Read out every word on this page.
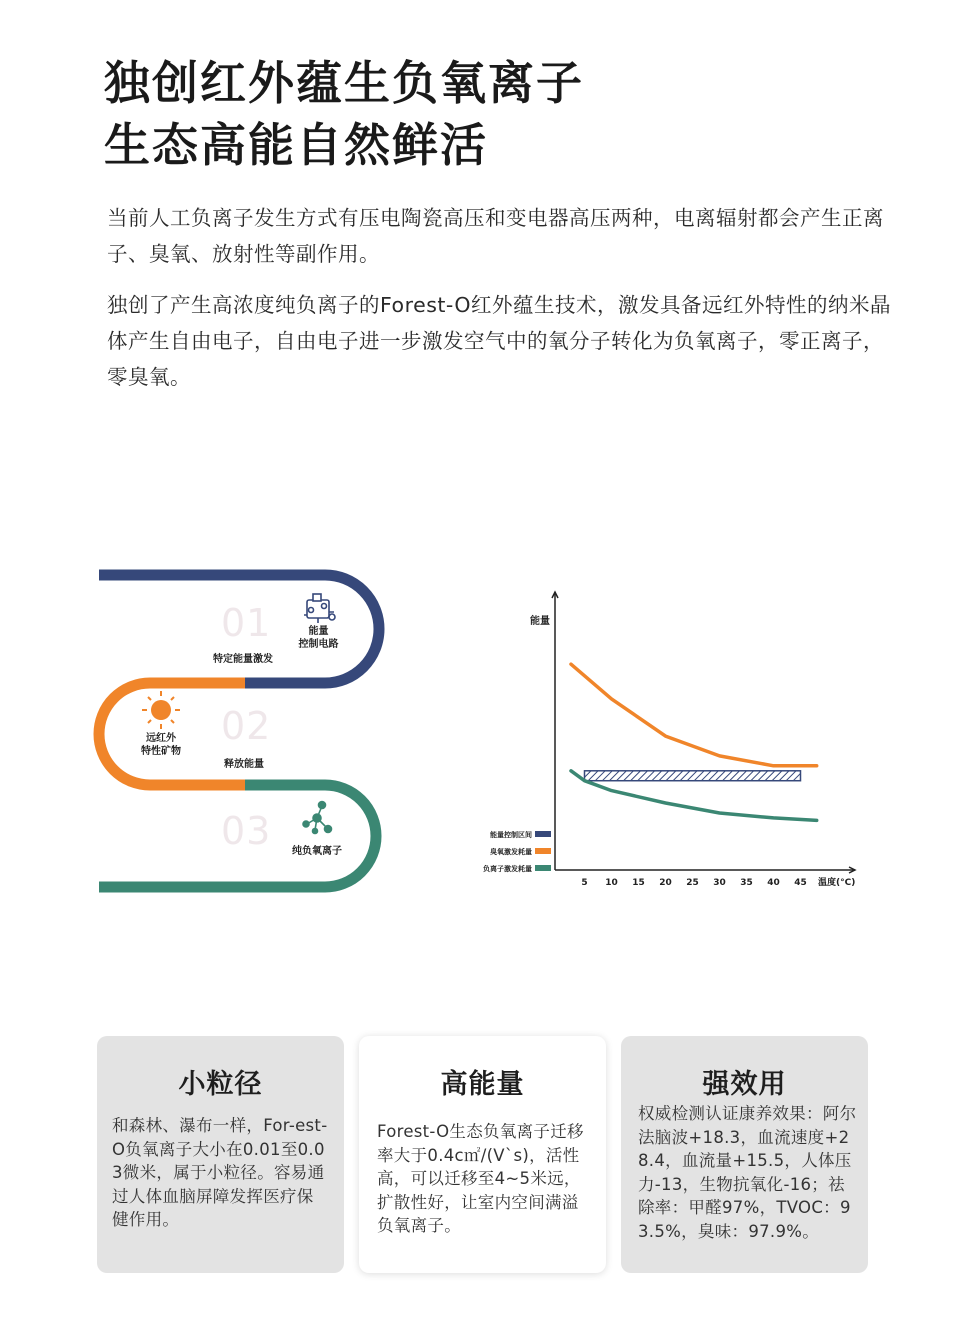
独创红外蕴生负氧离子
生态高能自然鲜活
当前人工负离子发生方式有压电陶瓷高压和变电器高压两种，电离辐射都会产生正离子、臭氧、放射性等副作用。
独创了产生高浓度纯负离子的Forest-O红外蕴生技术，激发具备远红外特性的纳米晶体产生自由电子，自由电子进一步激发空气中的氧分子转化为负氧离子，零正离子，零臭氧。
01	能量
控制电路
特定能量激发
02
远红外
特性矿物
释放能量
03 纯负氧离子
能量
5 10 15 20 25 30 35 40 45 温度(°C)
能量控制区间
臭氧激发耗量
负离子激发耗量
小粒径
和森林、瀑布一样，For-est-O负氧离子大小在0.01至0.03微米，属于小粒径。容易通过人体血脑屏障发挥医疗保健作用。
高能量
Forest-O生态负氧离子迁移率大于0.4c㎡/(V`s)，活性高，可以迁移至4~5米远，扩散性好，让室内空间满溢负氧离子。
强效用
权威检测认证康养效果：阿尔法脑波+18.3，血流速度+28.4，血流量+15.5，人体压力-13，生物抗氧化-16；祛除率：甲醛97%，TVOC：93.5%，臭味：97.9%。
